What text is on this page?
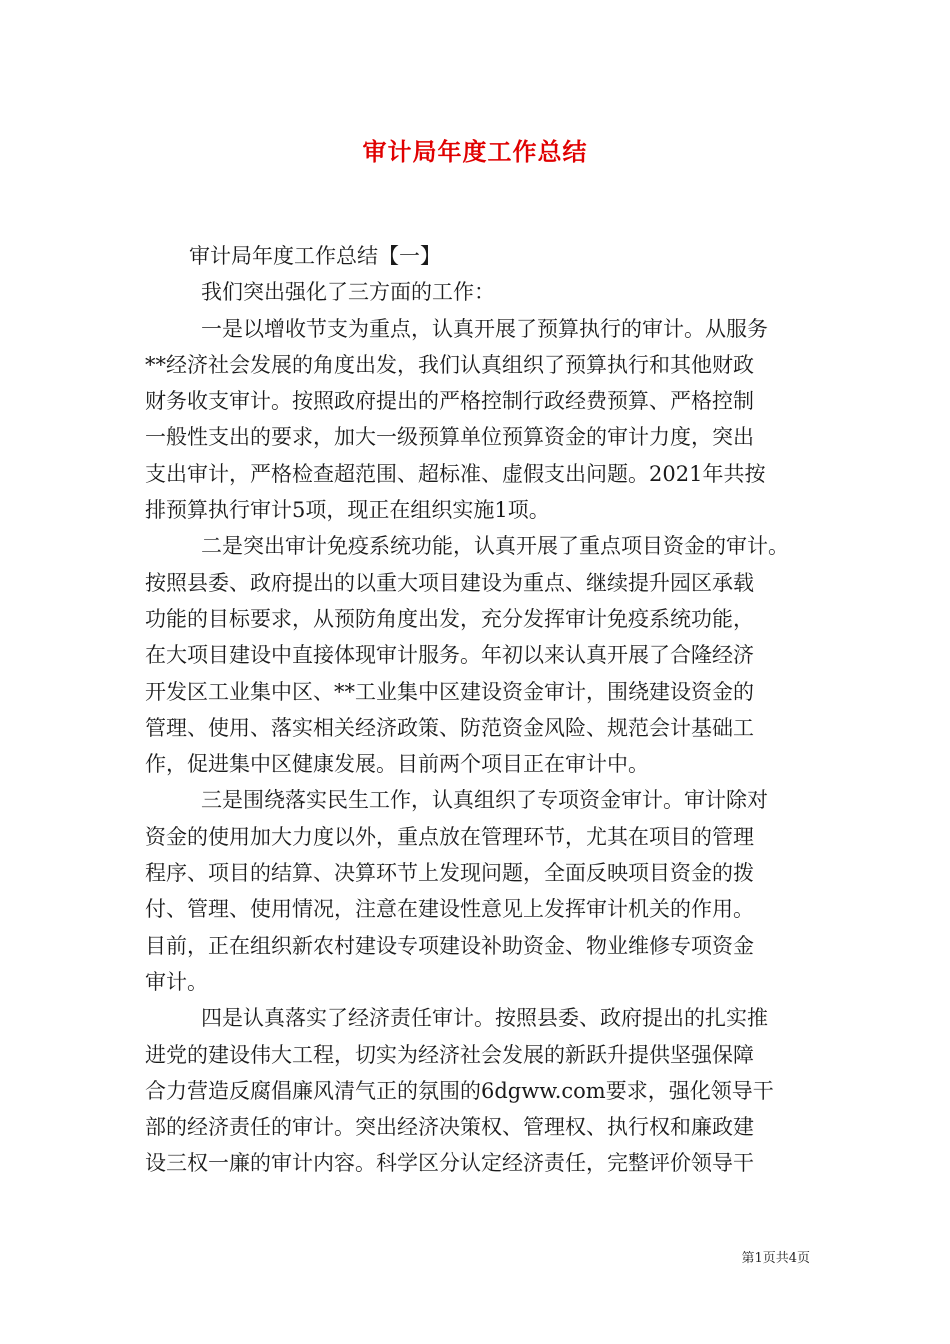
审计局年度工作总结

审计局年度工作总结【一】

我们突出强化了三方面的工作：

一是以增收节支为重点，认真开展了预算执行的审计。从服务

**经济社会发展的角度出发，我们认真组织了预算执行和其他财政

财务收支审计。按照政府提出的严格控制行政经费预算、严格控制

一般性支出的要求，加大一级预算单位预算资金的审计力度，突出

支出审计，严格检查超范围、超标准、虚假支出问题。2021年共按

排预算执行审计5项，现正在组织实施1项。

二是突出审计免疫系统功能，认真开展了重点项目资金的审计。

按照县委、政府提出的以重大项目建设为重点、继续提升园区承载

功能的目标要求，从预防角度出发，充分发挥审计免疫系统功能，

在大项目建设中直接体现审计服务。年初以来认真开展了合隆经济

开发区工业集中区、**工业集中区建设资金审计，围绕建设资金的

管理、使用、落实相关经济政策、防范资金风险、规范会计基础工

作，促进集中区健康发展。目前两个项目正在审计中。

三是围绕落实民生工作，认真组织了专项资金审计。审计除对

资金的使用加大力度以外，重点放在管理环节，尤其在项目的管理

程序、项目的结算、决算环节上发现问题，全面反映项目资金的拨

付、管理、使用情况，注意在建设性意见上发挥审计机关的作用。

目前，正在组织新农村建设专项建设补助资金、物业维修专项资金

审计。

四是认真落实了经济责任审计。按照县委、政府提出的扎实推

进党的建设伟大工程，切实为经济社会发展的新跃升提供坚强保障

合力营造反腐倡廉风清气正的氛围的6dgww.com要求，强化领导干

部的经济责任的审计。突出经济决策权、管理权、执行权和廉政建

设三权一廉的审计内容。科学区分认定经济责任，完整评价领导干

第1页共4页
